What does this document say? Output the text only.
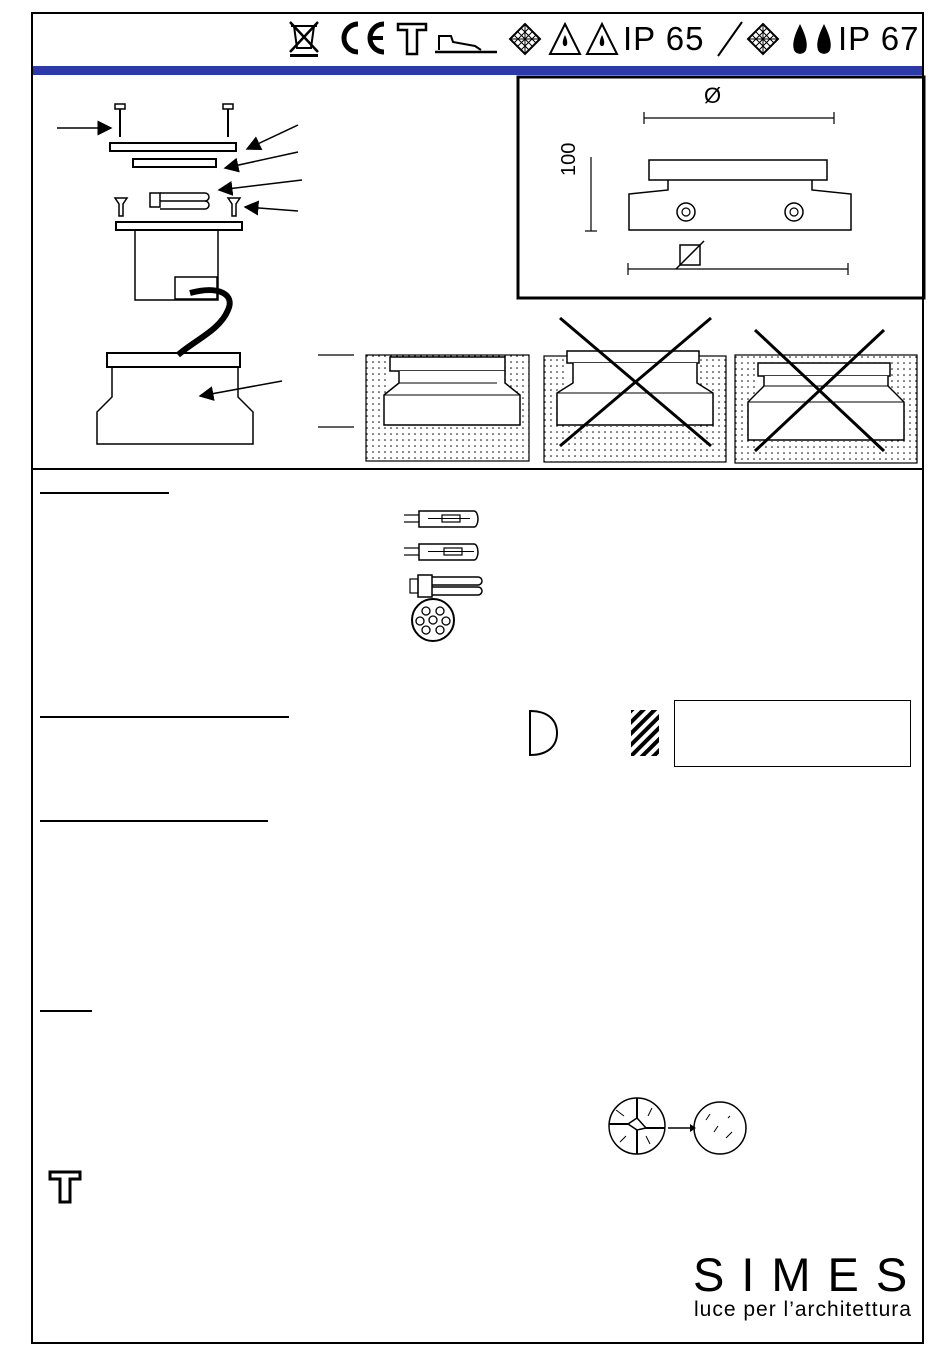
IP 65	IP 67
Ø
100
SIMES
luce per l’architettura
